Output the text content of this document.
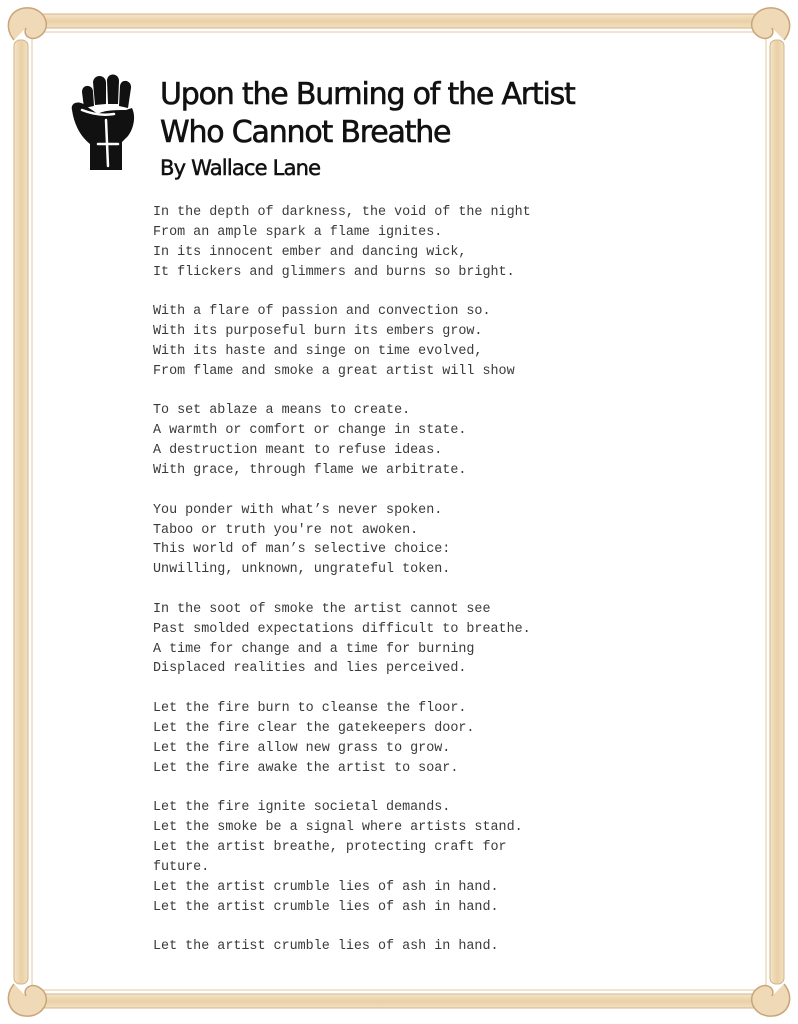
Upon the Burning of the Artist
Who Cannot Breathe
By Wallace Lane
In the depth of darkness, the void of the night
From an ample spark a flame ignites.
In its innocent ember and dancing wick,
It flickers and glimmers and burns so bright.
With a flare of passion and convection so.
With its purposeful burn its embers grow.
With its haste and singe on time evolved,
From flame and smoke a great artist will show
To set ablaze a means to create.
A warmth or comfort or change in state.
A destruction meant to refuse ideas.
With grace, through flame we arbitrate.
You ponder with what’s never spoken.
Taboo or truth you're not awoken.
This world of man’s selective choice:
Unwilling, unknown, ungrateful token.
In the soot of smoke the artist cannot see
Past smolded expectations difficult to breathe.
A time for change and a time for burning
Displaced realities and lies perceived.
Let the fire burn to cleanse the floor.
Let the fire clear the gatekeepers door.
Let the fire allow new grass to grow.
Let the fire awake the artist to soar.
Let the fire ignite societal demands.
Let the smoke be a signal where artists stand.
Let the artist breathe, protecting craft for
future.
Let the artist crumble lies of ash in hand.
Let the artist crumble lies of ash in hand.
Let the artist crumble lies of ash in hand.
